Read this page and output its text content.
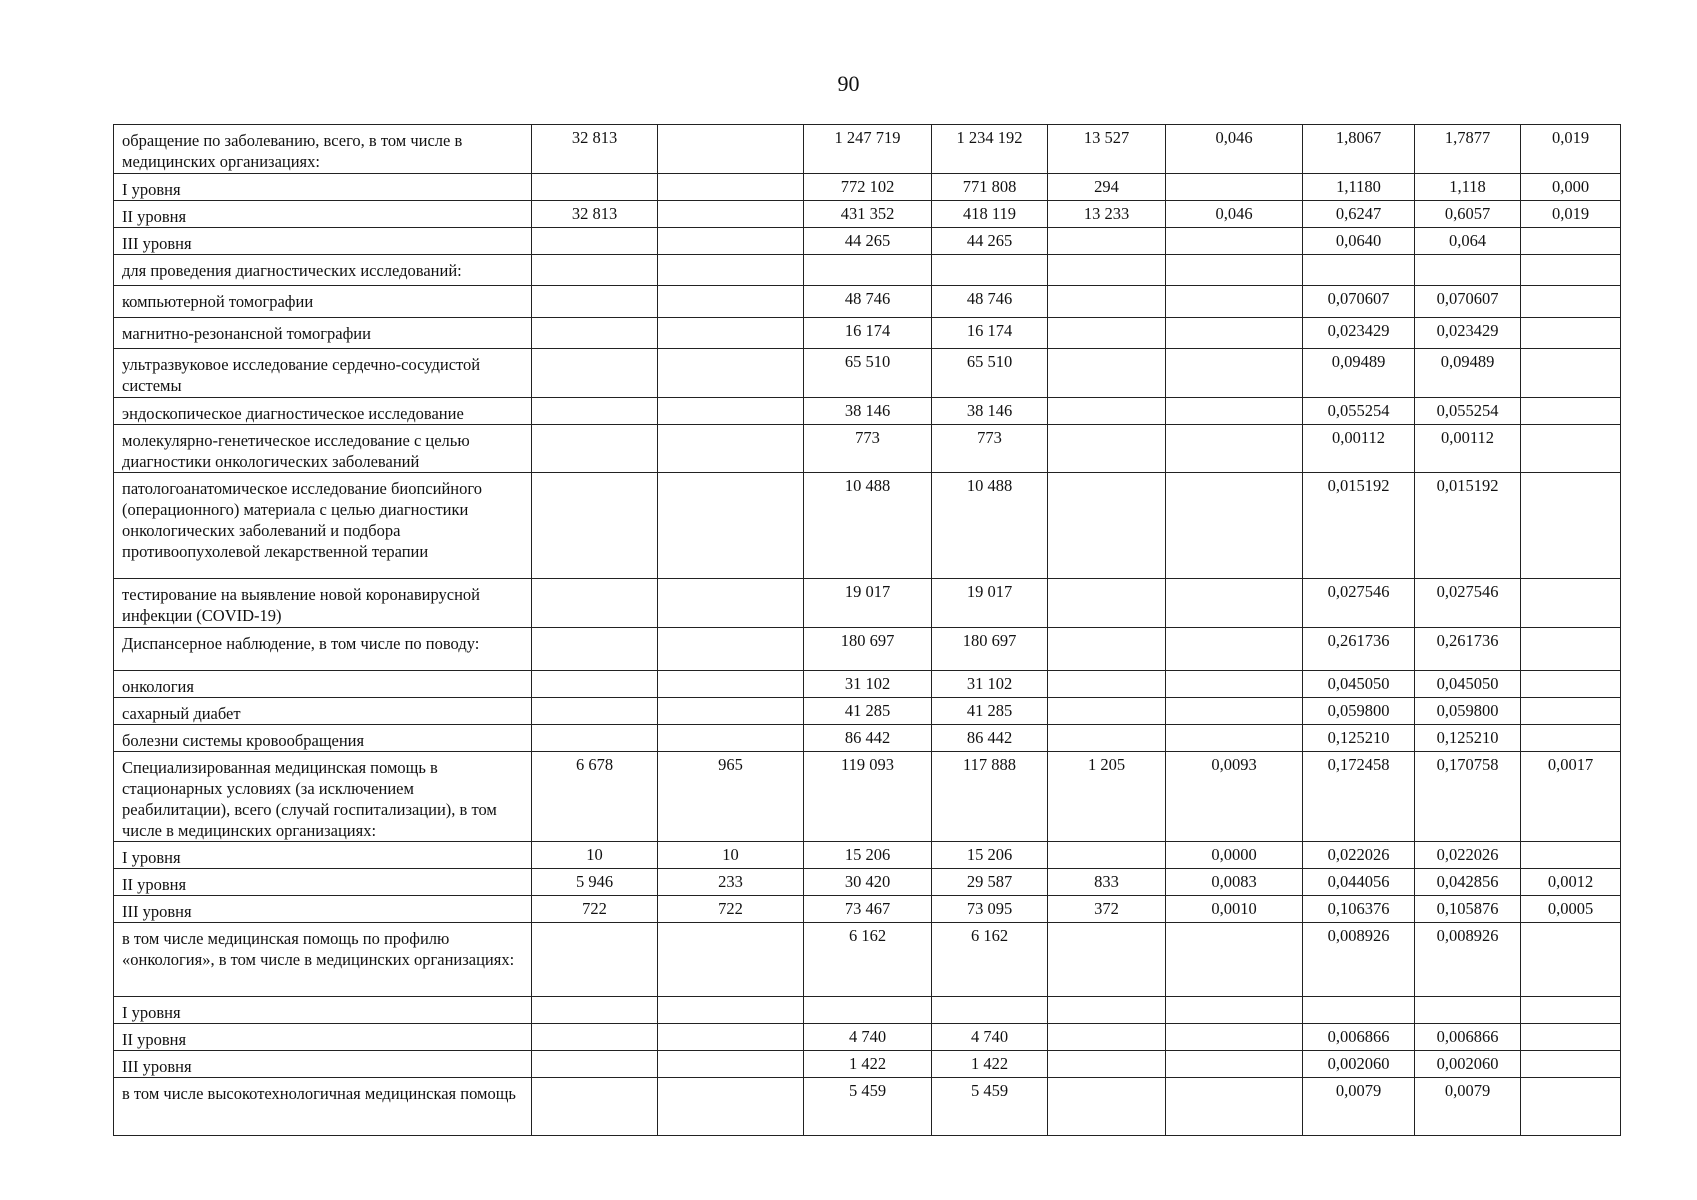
90
обращение по заболеванию, всего, в том числе в медицинских организациях:	32 813		1 247 719	1 234 192	13 527	0,046	1,8067	1,7877	0,019

I уровня			772 102	771 808	294		1,1180	1,118	0,000

II уровня	32 813		431 352	418 119	13 233	0,046	0,6247	0,6057	0,019

III уровня			44 265	44 265			0,0640	0,064	

для проведения диагностических исследований:									

компьютерной томографии			48 746	48 746			0,070607	0,070607	

магнитно-резонансной томографии			16 174	16 174			0,023429	0,023429	

ультразвуковое исследование сердечно-сосудистой системы			65 510	65 510			0,09489	0,09489	

эндоскопическое диагностическое исследование			38 146	38 146			0,055254	0,055254	

молекулярно-генетическое исследование с целью диагностики онкологических заболеваний			773	773			0,00112	0,00112	

патологоанатомическое исследование биопсийного (операционного) материала с целью диагностики онкологических заболеваний и подбора противоопухолевой лекарственной терапии			10 488	10 488			0,015192	0,015192	

тестирование на выявление новой коронавирусной инфекции (COVID-19)			19 017	19 017			0,027546	0,027546	

Диспансерное наблюдение, в том числе по поводу:			180 697	180 697			0,261736	0,261736	

онкология			31 102	31 102			0,045050	0,045050	

сахарный диабет			41 285	41 285			0,059800	0,059800	

болезни системы кровообращения			86 442	86 442			0,125210	0,125210	

Специализированная медицинская помощь в стационарных условиях (за исключением реабилитации), всего (случай госпитализации), в том числе в медицинских организациях:	6 678	965	119 093	117 888	1 205	0,0093	0,172458	0,170758	0,0017

I уровня	10	10	15 206	15 206		0,0000	0,022026	0,022026	

II уровня	5 946	233	30 420	29 587	833	0,0083	0,044056	0,042856	0,0012

III уровня	722	722	73 467	73 095	372	0,0010	0,106376	0,105876	0,0005

в том числе медицинская помощь по профилю «онкология», в том числе в медицинских организациях:			6 162	6 162			0,008926	0,008926	

I уровня									

II уровня			4 740	4 740			0,006866	0,006866	

III уровня			1 422	1 422			0,002060	0,002060	

в том числе высокотехнологичная медицинская помощь			5 459	5 459			0,0079	0,0079	
